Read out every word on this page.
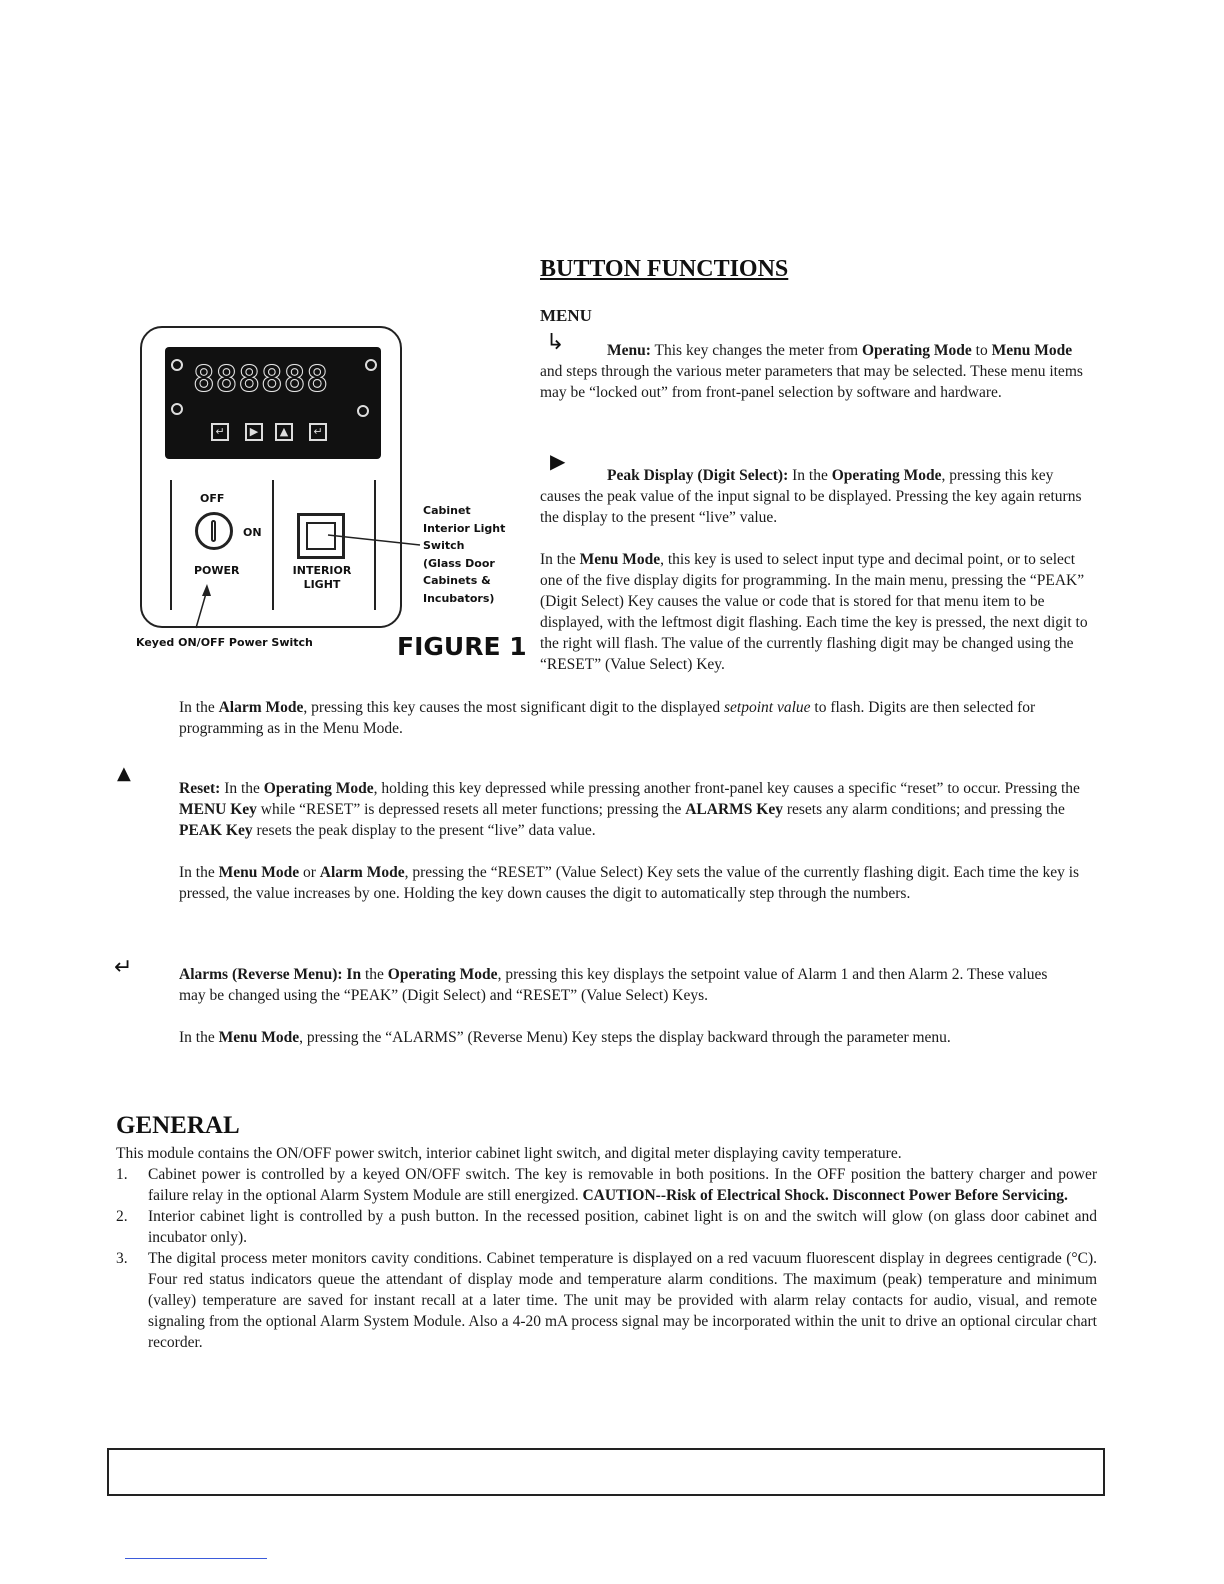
888888
↵	▶	▲	↵
OFF
ON
POWER	INTERIOR
LIGHT
Cabinet
Interior Light
Switch
(Glass Door
Cabinets &
Incubators)
Keyed ON/OFF Power Switch	FIGURE 1
BUTTON FUNCTIONS
MENU
↳	Menu: This key changes the meter from Operating Mode to Menu Mode and steps through the various meter parameters that may be selected. These menu items may be “locked out” from front-panel selection by software and hardware.
▶
Peak Display (Digit Select): In the Operating Mode, pressing this key causes the peak value of the input signal to be displayed. Pressing the key again returns the display to the present “live” value.
In the Menu Mode, this key is used to select input type and decimal point, or to select one of the five display digits for programming. In the main menu, pressing the “PEAK” (Digit Select) Key causes the value or code that is stored for that menu item to be displayed, with the leftmost digit flashing. Each time the key is pressed, the next digit to the right will flash. The value of the currently flashing digit may be changed using the “RESET” (Value Select) Key.
In the Alarm Mode, pressing this key causes the most significant digit to the displayed setpoint value to flash. Digits are then selected for programming as in the Menu Mode.
▲
Reset: In the Operating Mode, holding this key depressed while pressing another front-panel key causes a specific “reset” to occur. Pressing the MENU Key while “RESET” is depressed resets all meter functions; pressing the ALARMS Key resets any alarm conditions; and pressing the PEAK Key resets the peak display to the present “live” data value.
In the Menu Mode or Alarm Mode, pressing the “RESET” (Value Select) Key sets the value of the currently flashing digit. Each time the key is pressed, the value increases by one. Holding the key down causes the digit to automatically step through the numbers.
↵	Alarms (Reverse Menu): In the Operating Mode, pressing this key displays the setpoint value of Alarm 1 and then Alarm 2. These values may be changed using the “PEAK” (Digit Select) and “RESET” (Value Select) Keys.
In the Menu Mode, pressing the “ALARMS” (Reverse Menu) Key steps the display backward through the parameter menu.
GENERAL
This module contains the ON/OFF power switch, interior cabinet light switch, and digital meter displaying cavity temperature.
1. Cabinet power is controlled by a keyed ON/OFF switch. The key is removable in both positions. In the OFF position the battery charger and power failure relay in the optional Alarm System Module are still energized. CAUTION--Risk of Electrical Shock. Disconnect Power Before Servicing.
2. Interior cabinet light is controlled by a push button. In the recessed position, cabinet light is on and the switch will glow (on glass door cabinet and incubator only).
3. The digital process meter monitors cavity conditions. Cabinet temperature is displayed on a red vacuum fluorescent display in degrees centigrade (°C). Four red status indicators queue the attendant of display mode and temperature alarm conditions. The maximum (peak) temperature and minimum (valley) temperature are saved for instant recall at a later time. The unit may be provided with alarm relay contacts for audio, visual, and remote signaling from the optional Alarm System Module. Also a 4-20 mA process signal may be incorporated within the unit to drive an optional circular chart recorder.
